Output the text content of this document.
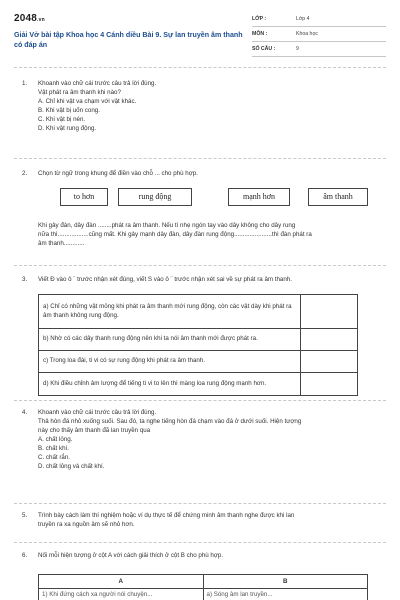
2048.vn
Giải Vở bài tập Khoa học 4 Cánh diều Bài 9. Sự lan truyền âm thanh có đáp án
LỚP :	Lớp 4
MÔN :	Khoa học
SỐ CÂU :	9
1. Khoanh vào chữ cái trước câu trả lời đúng.

Vật phát ra âm thanh khi nào?

A. Chỉ khi vật va chạm với vật khác.

B. Khi vật bị uốn cong.

C. Khi vật bị nén.

D. Khi vật rung động.

2. Chọn từ ngữ trong khung để điền vào chỗ ... cho phù hợp.

to hơn	rung động	mạnh hơn	âm thanh

Khi gảy đàn, dây đàn ........phát ra âm thanh. Nếu tì nhẹ ngón tay vào dây không cho dây rung

nữa thì..................cũng mất. Khi gảy mạnh dây đàn, dây đàn rung động......................thì đàn phát ra

âm thanh............

3. Viết Đ vào ô ¨ trước nhận xét đúng, viết S vào ô ¨ trước nhận xét sai về sự phát ra âm thanh.

a) Chỉ có những vật mỏng khi phát ra âm thanh mới rung động, còn các vật dày khi phát ra âm thanh không rung động.
b) Nhờ có các dây thanh rung động nên khi ta nói âm thanh mới được phát ra.
c) Trong loa đài, ti vi có sự rung động khi phát ra âm thanh.
d) Khi điều chỉnh âm lượng để tiếng ti vi to lên thì màng loa rung động mạnh hơn.
4. Khoanh vào chữ cái trước câu trả lời đúng.

Thả hòn đá nhỏ xuống suối. Sau đó, ta nghe tiếng hòn đá chạm vào đá ở dưới suối. Hiện tượng

này cho thấy âm thanh đã lan truyền qua

A. chất lỏng.

B. chất khí.

C. chất rắn.

D. chất lỏng và chất khí.

5. Trình bày cách làm thí nghiệm hoặc ví dụ thực tế để chứng minh âm thanh nghe được khi lan

truyền ra xa nguồn âm sẽ nhỏ hơn.

6. Nối mỗi hiện tượng ở cột A với cách giải thích ở cột B cho phù hợp.

A	B
1) Khi đứng cách xa người nói chuyện...	a) Sóng âm lan truyền...
